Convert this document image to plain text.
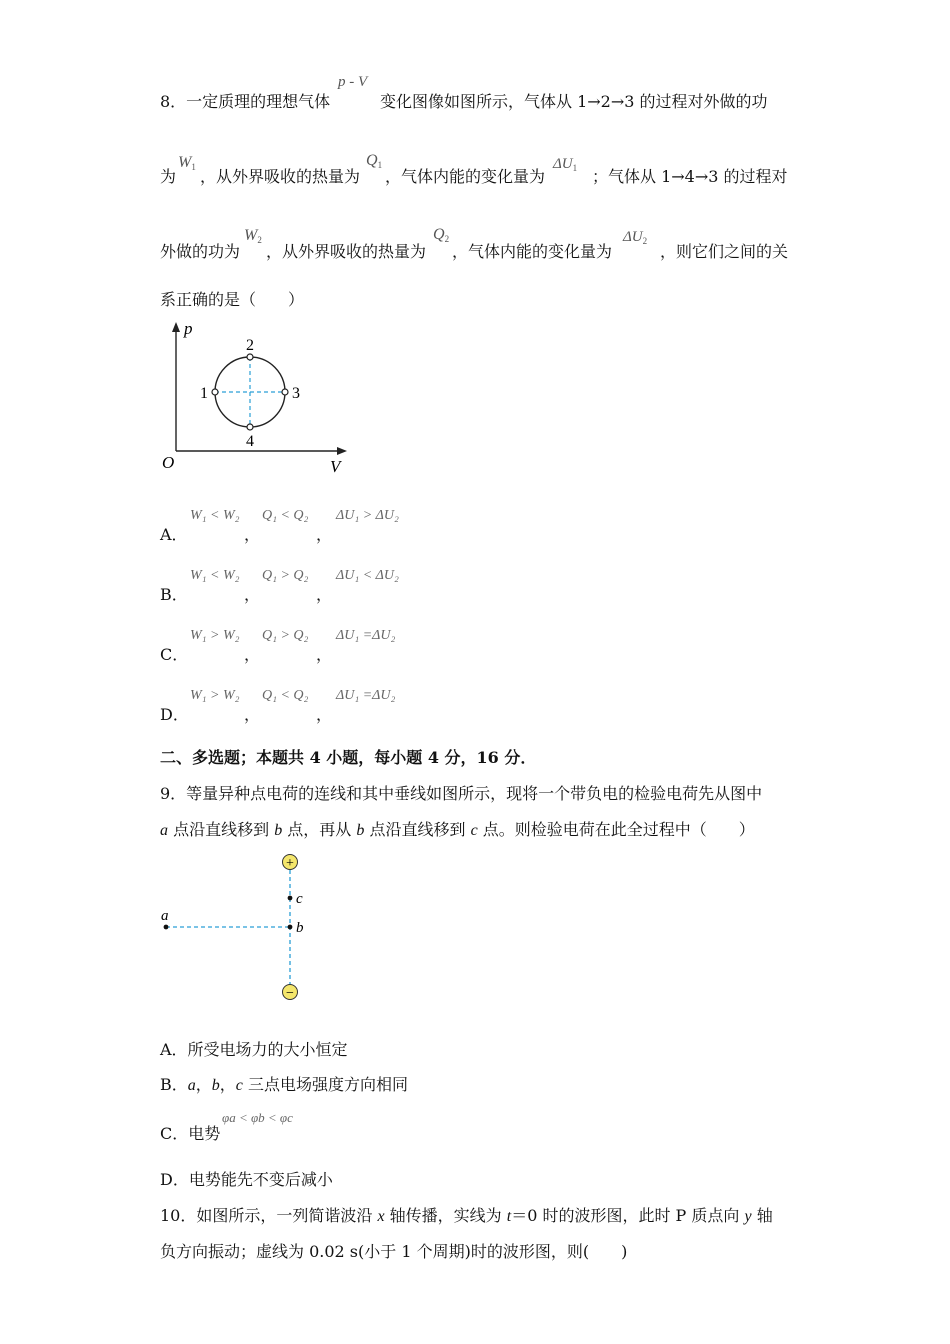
8．一定质理的理想气体
p - V
变化图像如图所示，气体从 1→2→3 的过程对外做的功
为
$W_1$ ，从外界吸收的热量为
$Q_1$
，气体内能的变化量为
$\Delta U_1$ ；气体从 1→4→3 的过程对
外做的功为
$W_2$
，从外界吸收的热量为
$Q_2$
，气体内能的变化量为
$\Delta U_2$
，则它们之间的关
系正确的是（　　）
p
V
O
2
1	3
4
A．
W₁ < W₂
，
Q₁ < Q₂
，
ΔU₁ > ΔU₂
B．
W₁ < W₂
，
Q₁ > Q₂
，
ΔU₁ < ΔU₂
C．
W₁ > W₂
，
Q₁ > Q₂
，
ΔU₁ =ΔU₂
D．
W₁ > W₂
，
Q₁ < Q₂
，
ΔU₁ =ΔU₂
二、多选题；本题共 4 小题，每小题 4 分，16 分．
9．等量异种点电荷的连线和其中垂线如图所示，现将一个带负电的检验电荷先从图中
a 点沿直线移到 b 点，再从 b 点沿直线移到 c 点。则检验电荷在此全过程中（　　）
+
−
a
b
c
A．所受电场力的大小恒定
B．a，b，c 三点电场强度方向相同
C．电势
φa < φb < φc
D．电势能先不变后减小
10．如图所示，一列简谐波沿 x 轴传播，实线为 t＝0 时的波形图，此时 P 质点向 y 轴
负方向振动；虚线为 0.02 s(小于 1 个周期)时的波形图，则(　　)
